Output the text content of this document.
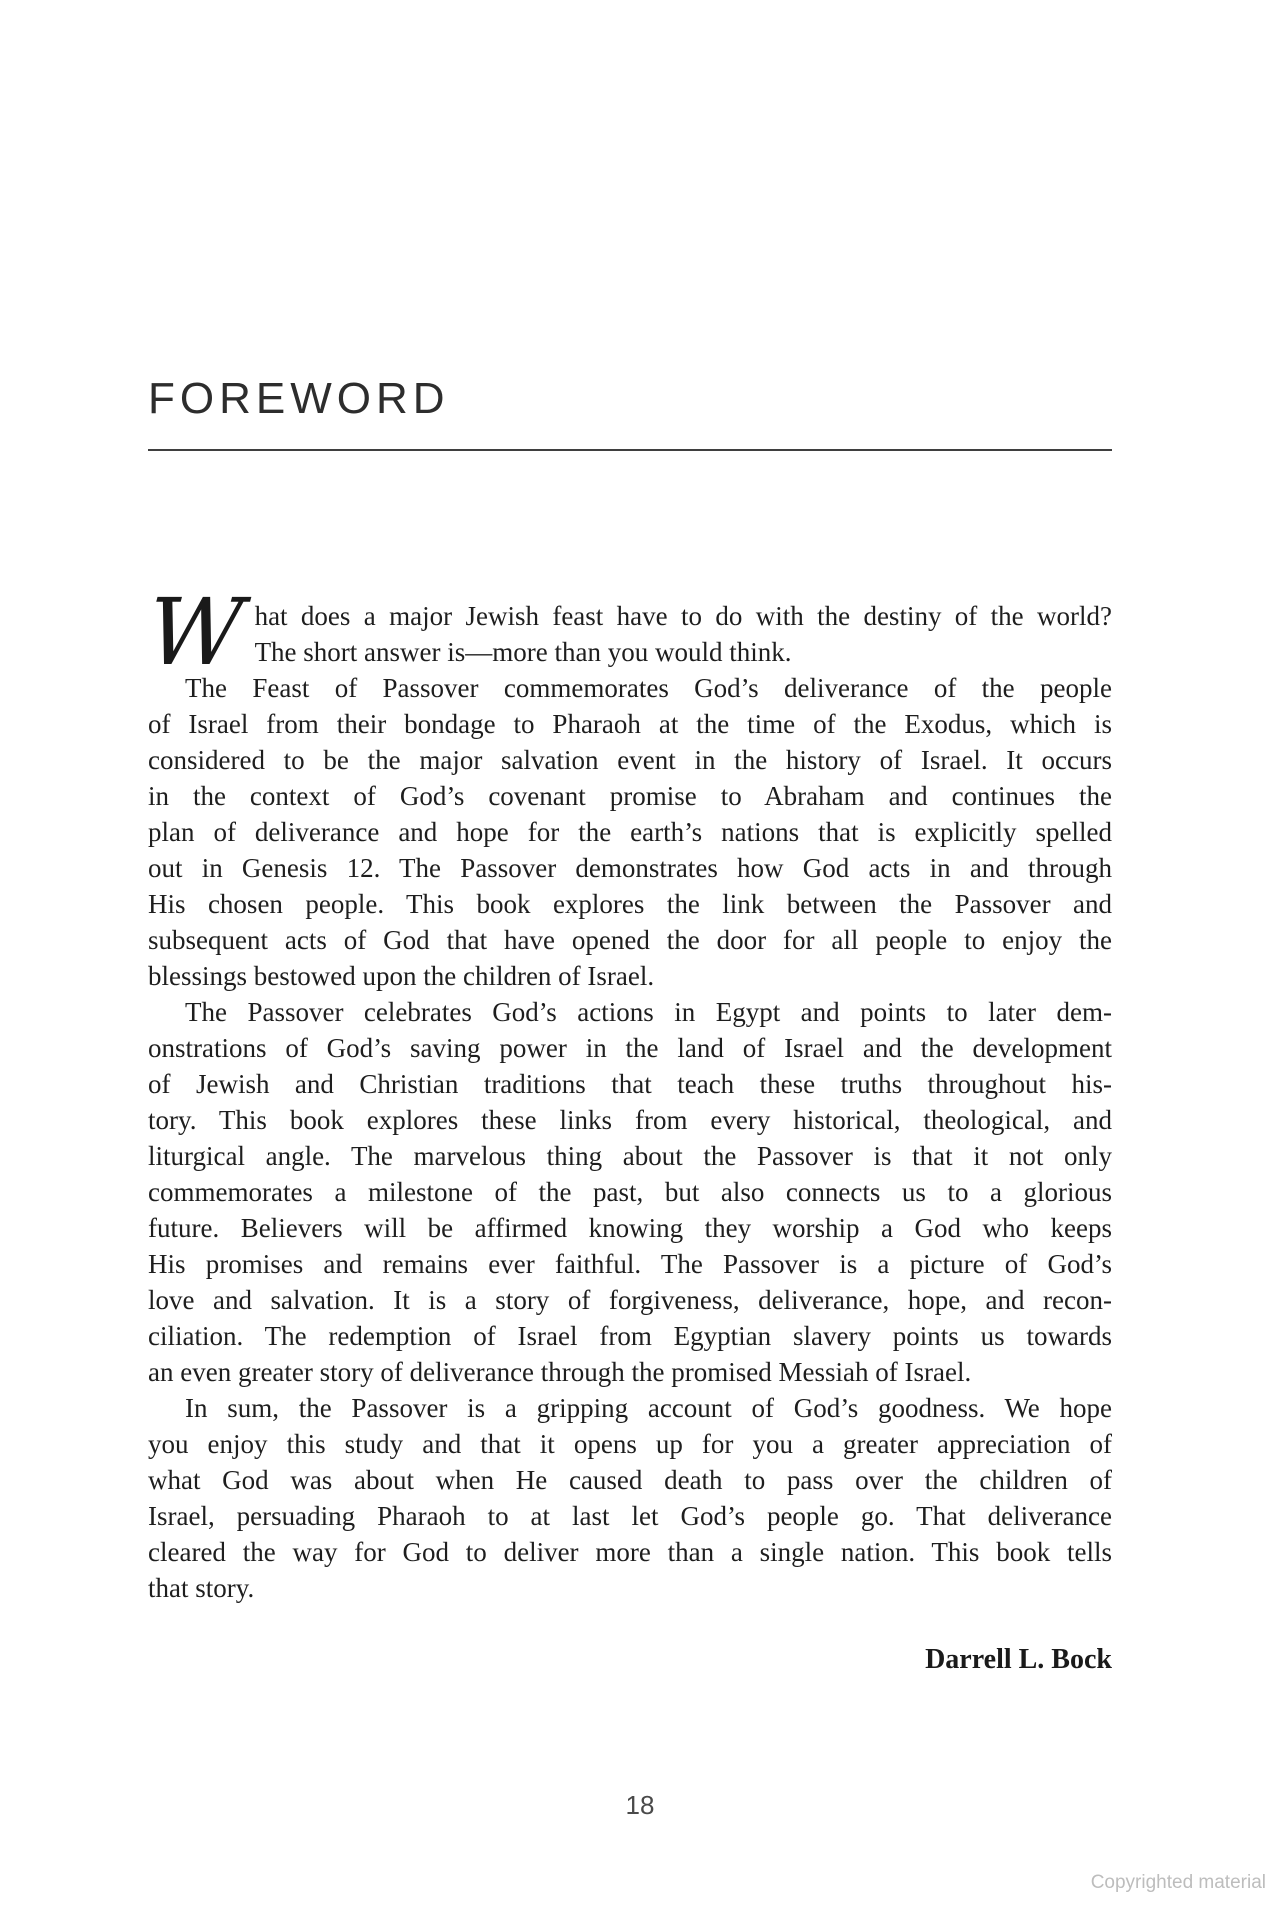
FOREWORD
W hat does a major Jewish feast have to do with the destiny of the world?
The short answer is—more than you would think.
The Feast of Passover commemorates God’s deliverance of the people
of Israel from their bondage to Pharaoh at the time of the Exodus, which is
considered to be the major salvation event in the history of Israel. It occurs
in the context of God’s covenant promise to Abraham and continues the
plan of deliverance and hope for the earth’s nations that is explicitly spelled
out in Genesis 12. The Passover demonstrates how God acts in and through
His chosen people. This book explores the link between the Passover and
subsequent acts of God that have opened the door for all people to enjoy the
blessings bestowed upon the children of Israel.
The Passover celebrates God’s actions in Egypt and points to later dem-
onstrations of God’s saving power in the land of Israel and the development
of Jewish and Christian traditions that teach these truths throughout his-
tory. This book explores these links from every historical, theological, and
liturgical angle. The marvelous thing about the Passover is that it not only
commemorates a milestone of the past, but also connects us to a glorious
future. Believers will be affirmed knowing they worship a God who keeps
His promises and remains ever faithful. The Passover is a picture of God’s
love and salvation. It is a story of forgiveness, deliverance, hope, and recon-
ciliation. The redemption of Israel from Egyptian slavery points us towards
an even greater story of deliverance through the promised Messiah of Israel.
In sum, the Passover is a gripping account of God’s goodness. We hope
you enjoy this study and that it opens up for you a greater appreciation of
what God was about when He caused death to pass over the children of
Israel, persuading Pharaoh to at last let God’s people go. That deliverance
cleared the way for God to deliver more than a single nation. This book tells
that story.
Darrell L. Bock
18
Copyrighted material
